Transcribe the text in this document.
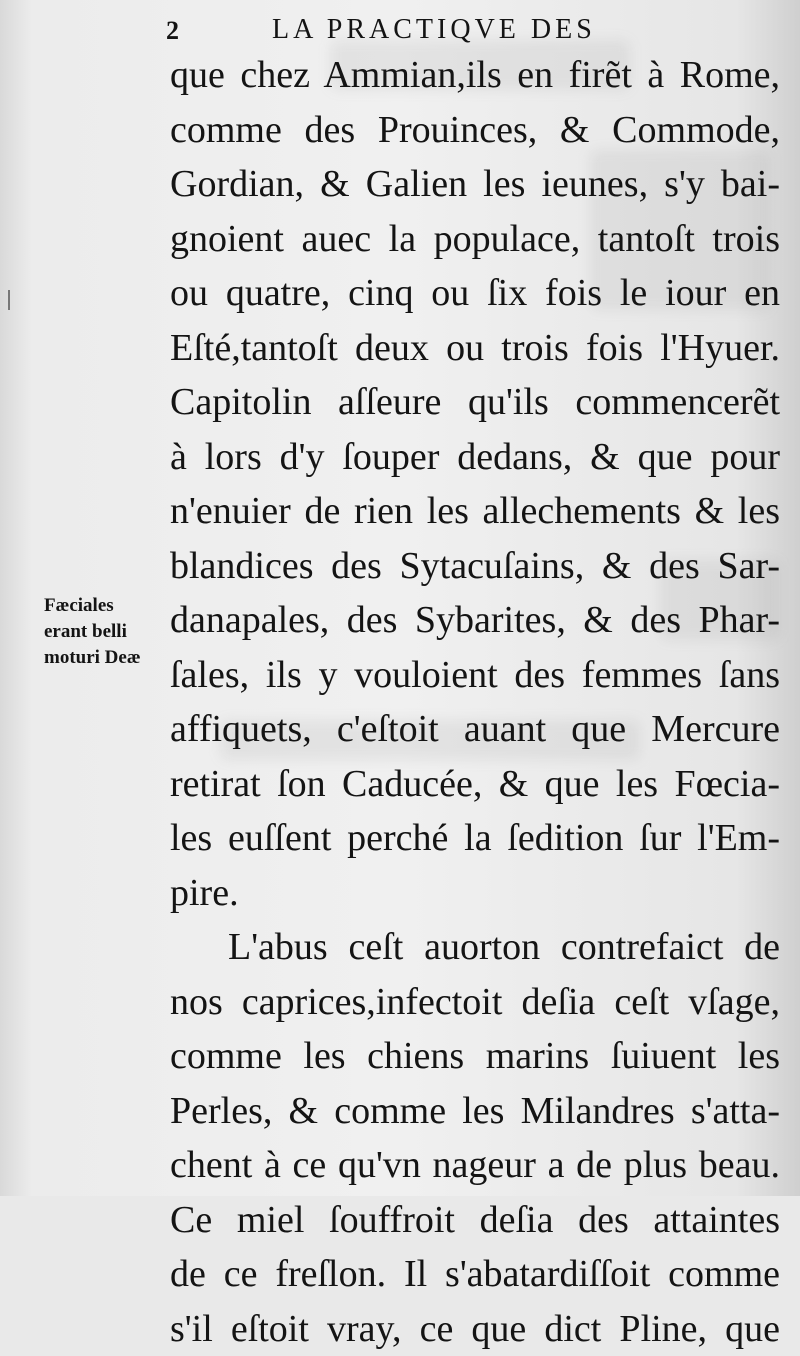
2	LA PRACTIQVE DES
Fæciales
erant belli
moturi Deæ
que chez Ammian,ils en firẽt à Rome,
comme des Prouinces, & Commode,
Gordian, & Galien les ieunes, s'y bai-
gnoient auec la populace, tantoſt trois
ou quatre, cinq ou ſix fois le iour en
Eſté,tantoſt deux ou trois fois l'Hyuer.
Capitolin aſſeure qu'ils commencerẽt
à lors d'y ſouper dedans, & que pour
n'enuier de rien les allechements & les
blandices des Sytacuſains, & des Sar-
danapales, des Sybarites, & des Phar-
ſales, ils y vouloient des femmes ſans
affiquets, c'eſtoit auant que Mercure
retirat ſon Caducée, & que les Fœcia-
les euſſent perché la ſedition ſur l'Em-
pire.
L'abus ceſt auorton contrefaict de
nos caprices,infectoit deſia ceſt vſage,
comme les chiens marins ſuiuent les
Perles, & comme les Milandres s'atta-
chent à ce qu'vn nageur a de plus beau.
Ce miel ſouffroit deſia des attaintes
de ce freſlon. Il s'abatardiſſoit comme
s'il eſtoit vray, ce que dict Pline, que
